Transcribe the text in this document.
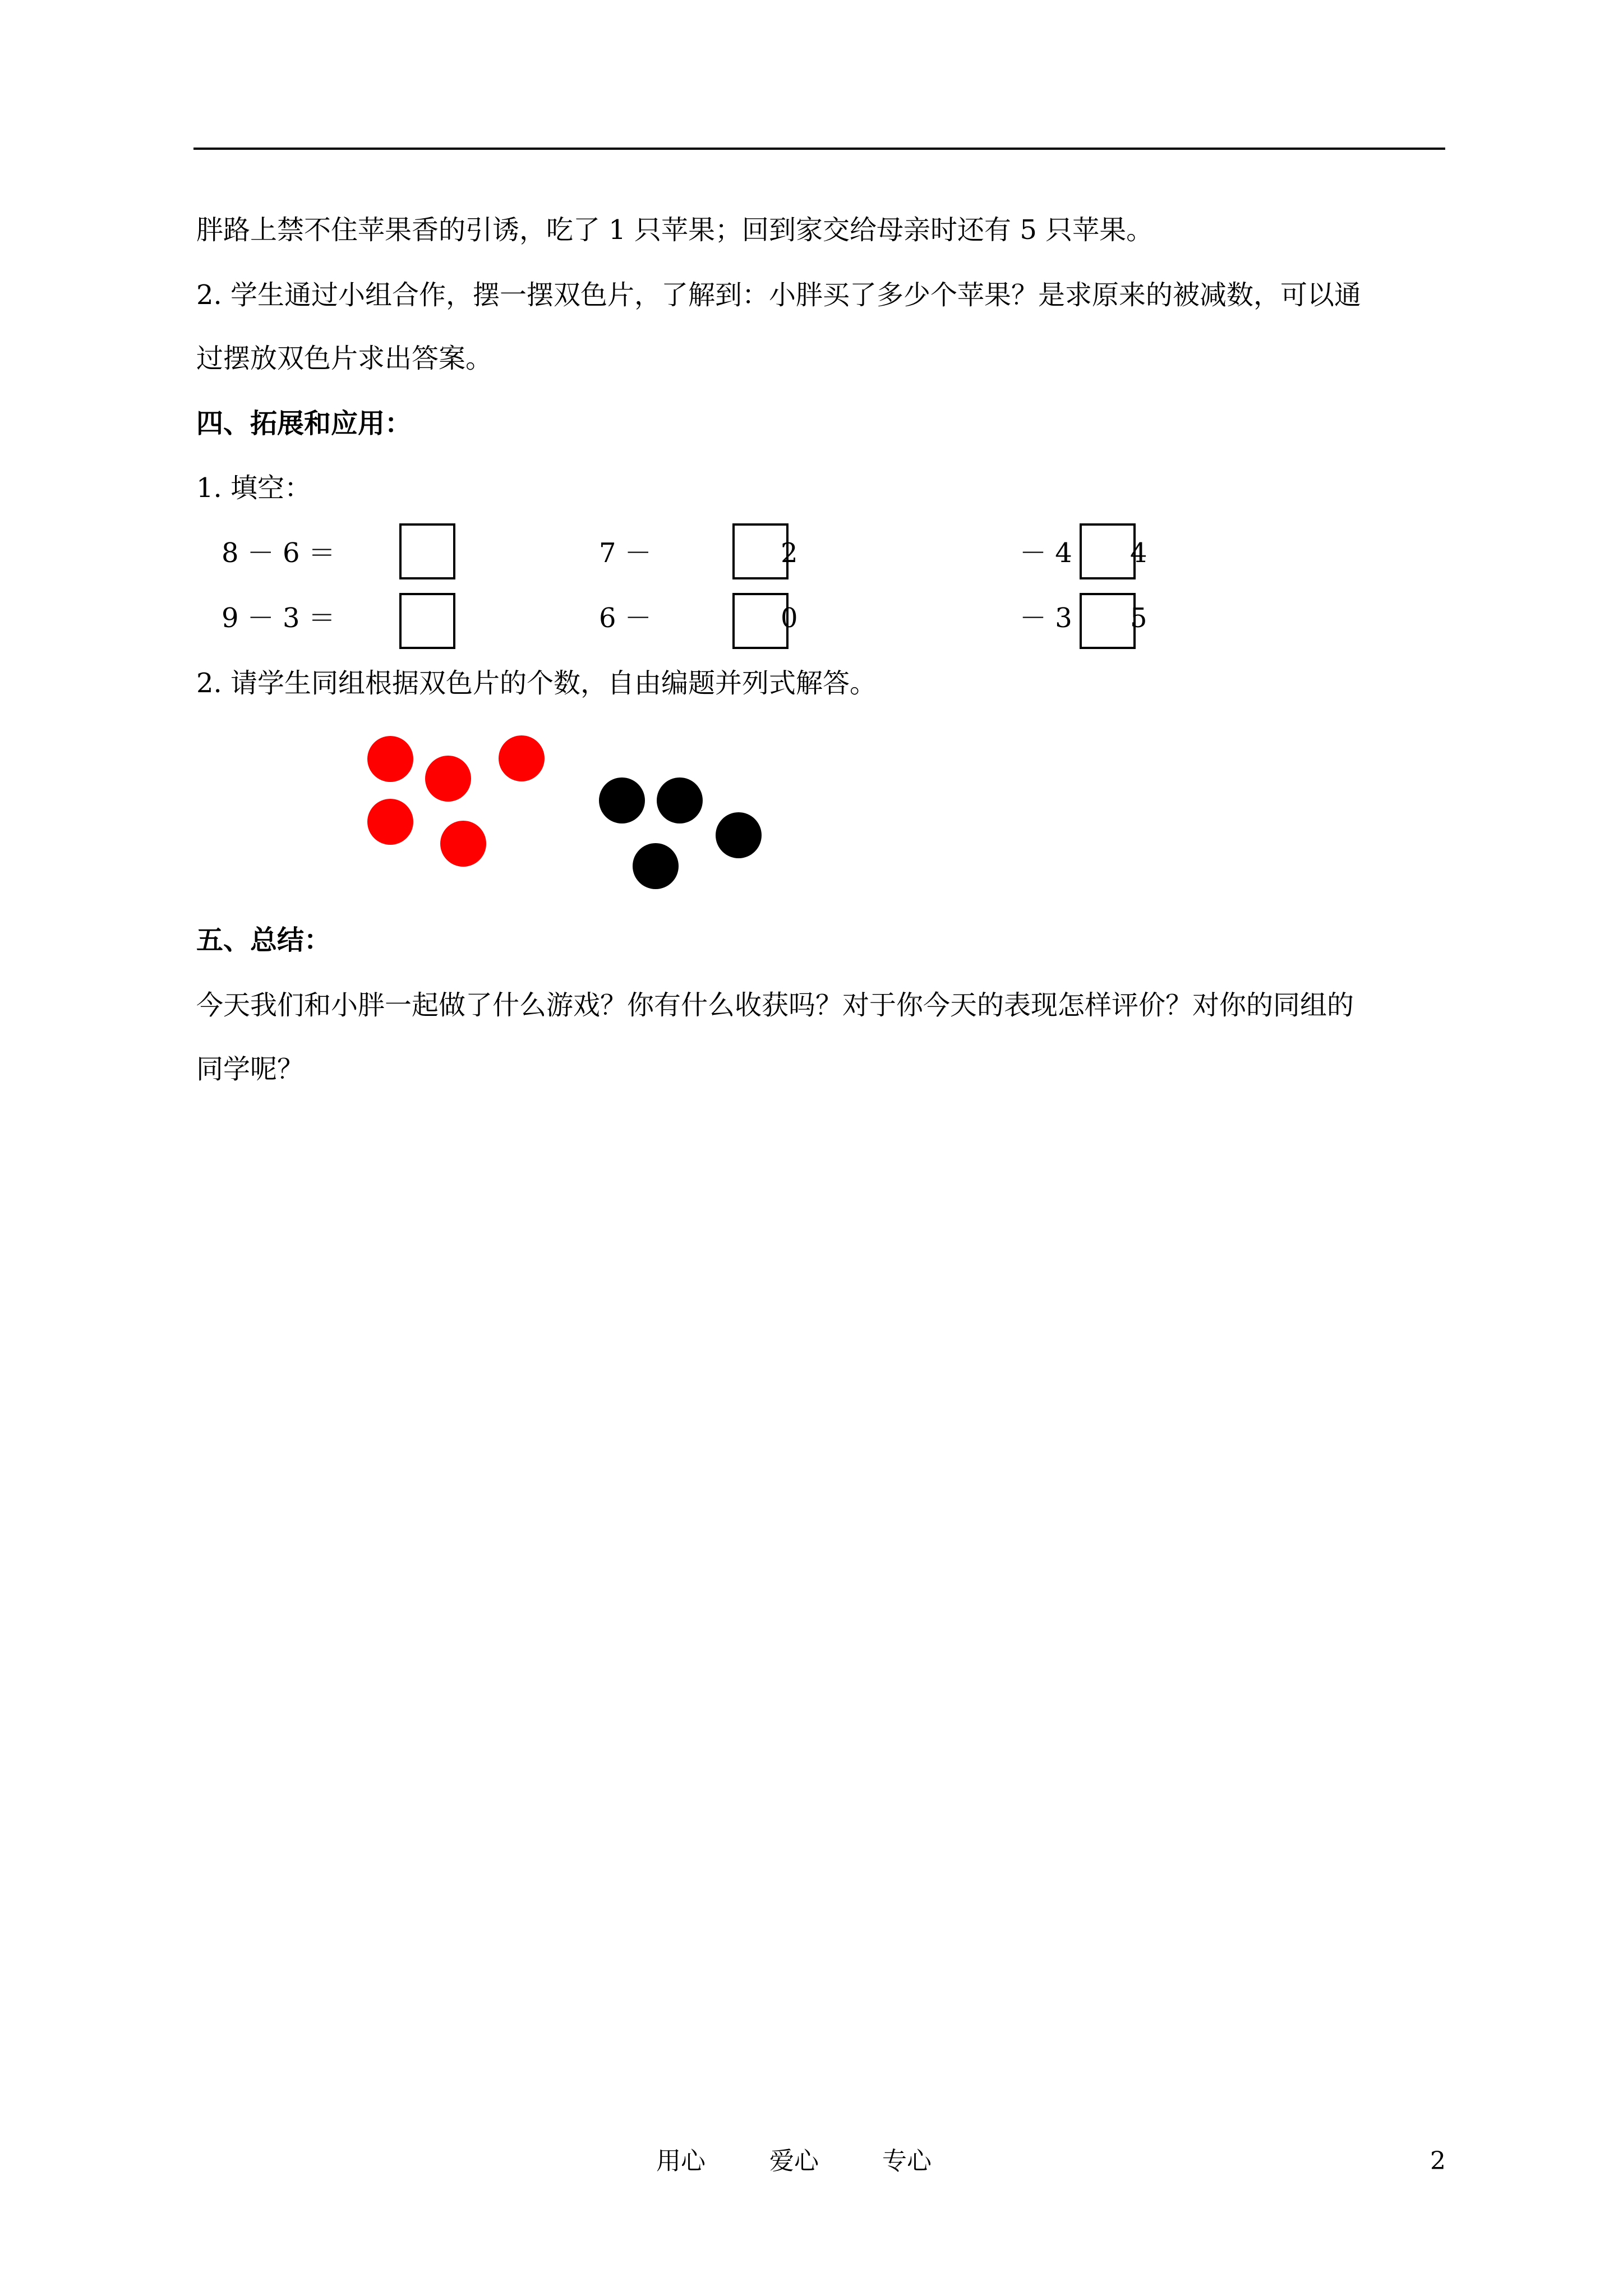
胖路上禁不住苹果香的引诱，吃了 1 只苹果；回到家交给母亲时还有 5 只苹果。
2. 学生通过小组合作，摆一摆双色片，了解到：小胖买了多少个苹果？是求原来的被减数，可以通
过摆放双色片求出答案。
四、拓展和应用：
1. 填空：
8 － 6 ＝	7 －	2	－ 4 4
9 － 3 ＝	6 －	0	－ 3 5
2. 请学生同组根据双色片的个数，自由编题并列式解答。
五、总结：
今天我们和小胖一起做了什么游戏？你有什么收获吗？对于你今天的表现怎样评价？对你的同组的
同学呢？
用心	爱心	专心	2
